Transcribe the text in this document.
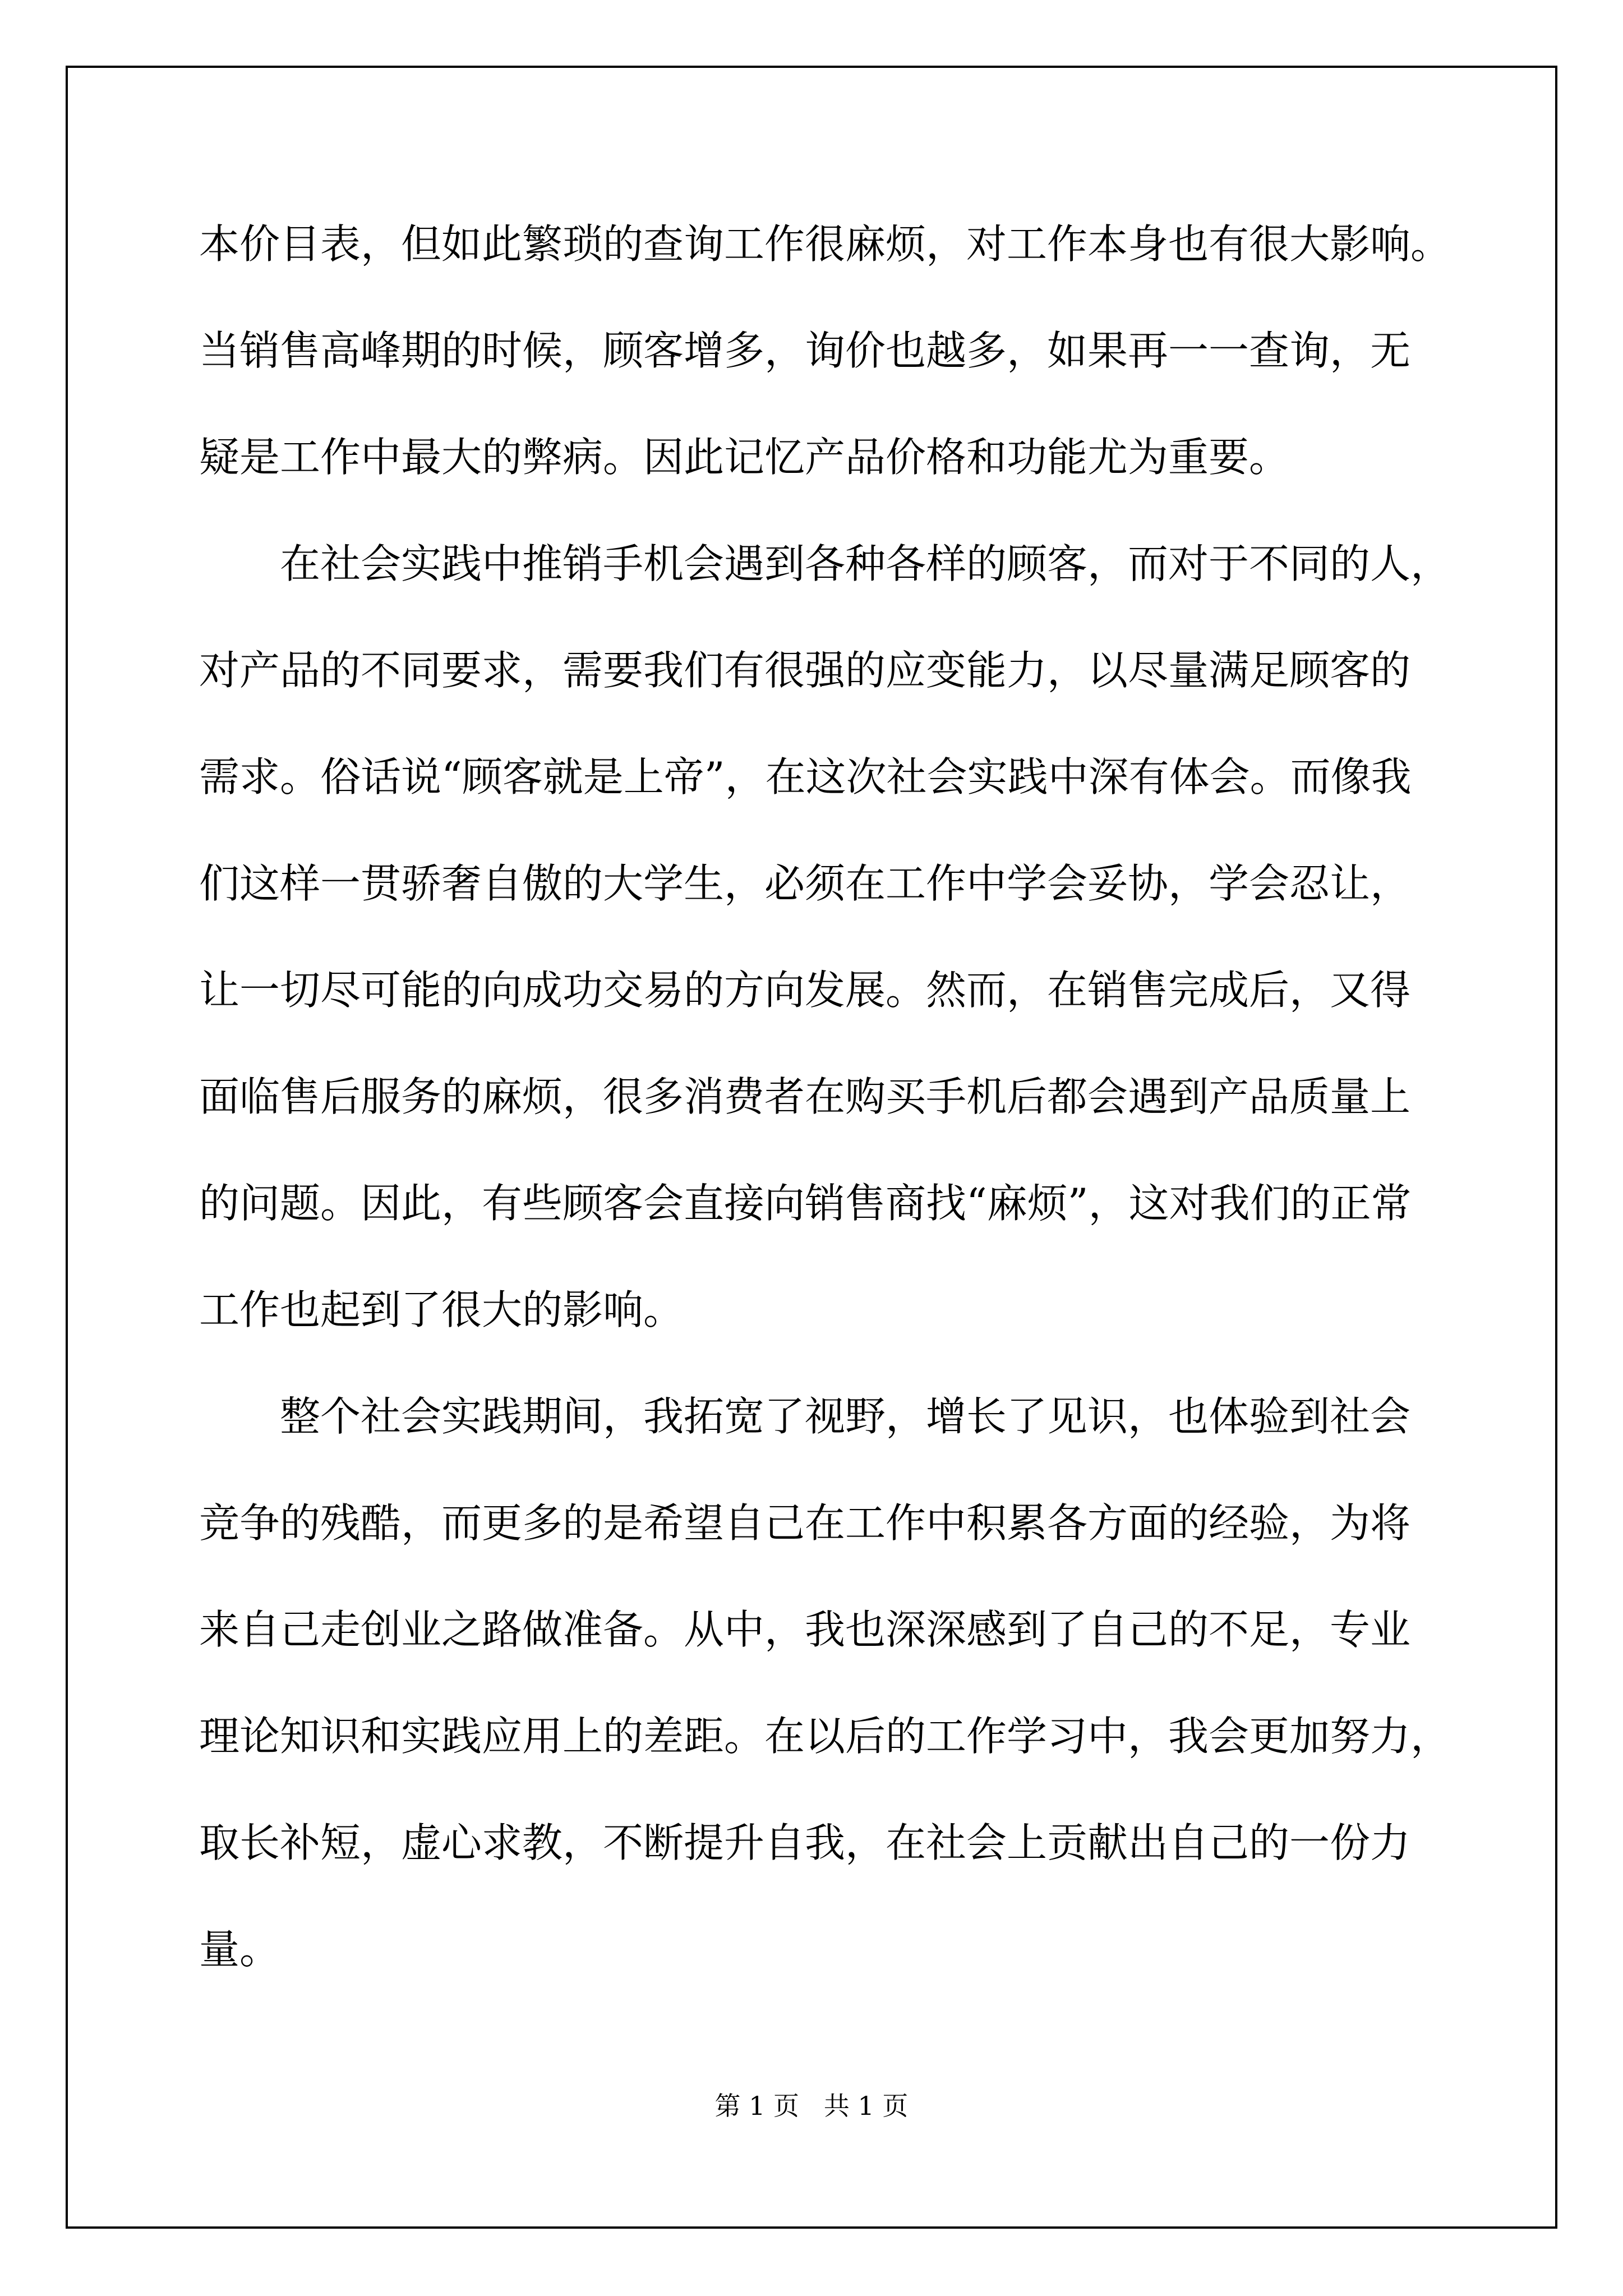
本价目表，但如此繁琐的查询工作很麻烦，对工作本身也有很大影响。
当销售高峰期的时候，顾客增多，询价也越多，如果再一一查询，无
疑是工作中最大的弊病。因此记忆产品价格和功能尤为重要。
在社会实践中推销手机会遇到各种各样的顾客，而对于不同的人，
对产品的不同要求，需要我们有很强的应变能力，以尽量满足顾客的
需求。俗话说“顾客就是上帝”，在这次社会实践中深有体会。而像我
们这样一贯骄奢自傲的大学生，必须在工作中学会妥协，学会忍让，
让一切尽可能的向成功交易的方向发展。然而，在销售完成后，又得
面临售后服务的麻烦，很多消费者在购买手机后都会遇到产品质量上
的问题。因此，有些顾客会直接向销售商找“麻烦”，这对我们的正常
工作也起到了很大的影响。
整个社会实践期间，我拓宽了视野，增长了见识，也体验到社会
竞争的残酷，而更多的是希望自己在工作中积累各方面的经验，为将
来自己走创业之路做准备。从中，我也深深感到了自己的不足，专业
理论知识和实践应用上的差距。在以后的工作学习中，我会更加努力，
取长补短，虚心求教，不断提升自我，在社会上贡献出自己的一份力
量。
第 1 页   共 1 页
